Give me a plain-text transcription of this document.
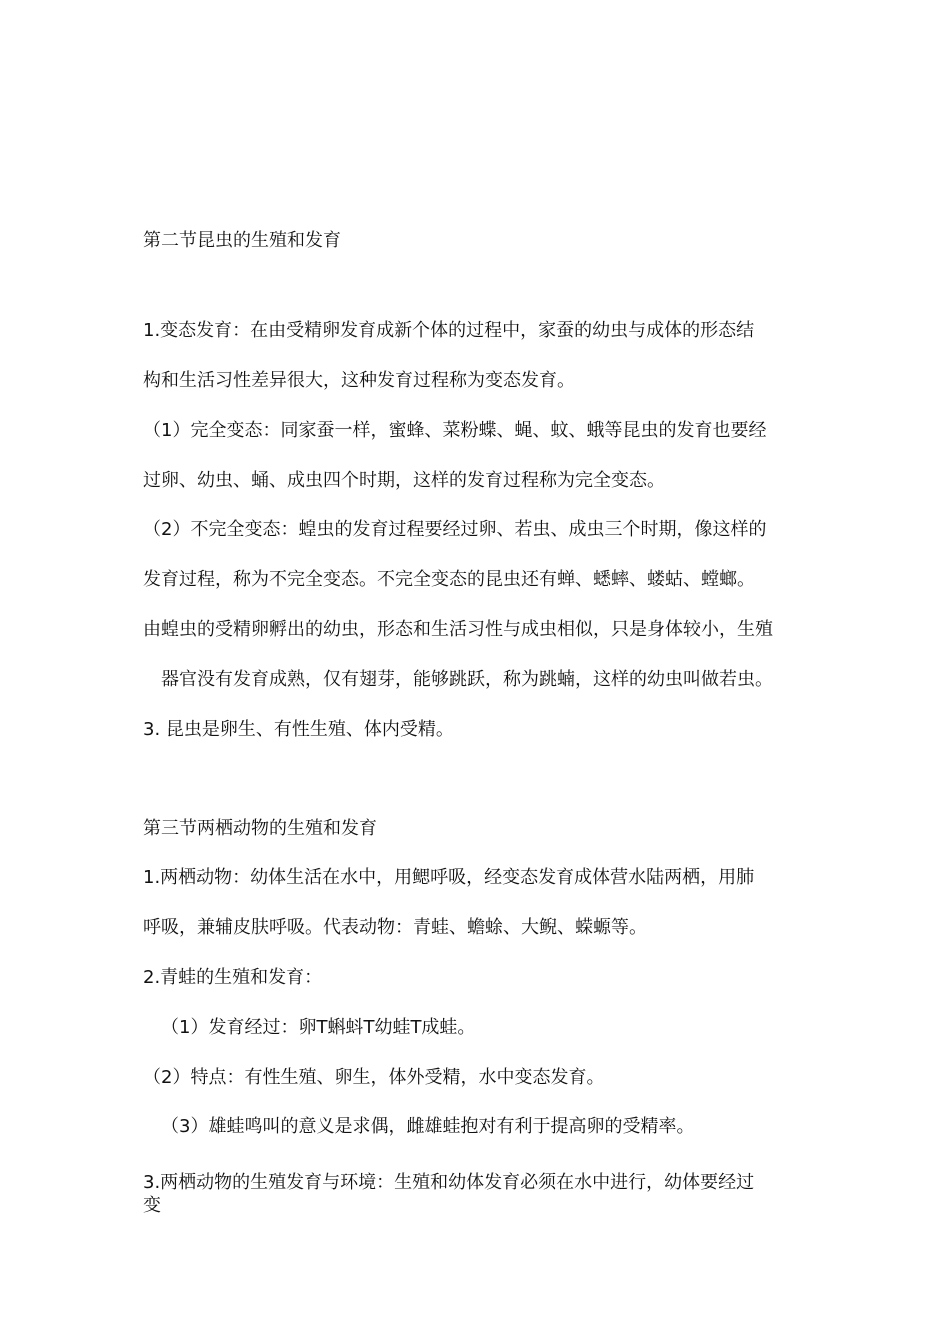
第二节昆虫的生殖和发育

1.变态发育：在由受精卵发育成新个体的过程中，家蚕的幼虫与成体的形态结

构和生活习性差异很大，这种发育过程称为变态发育。

（1）完全变态：同家蚕一样，蜜蜂、菜粉蝶、蝇、蚊、蛾等昆虫的发育也要经

过卵、幼虫、蛹、成虫四个时期，这样的发育过程称为完全变态。

（2）不完全变态：蝗虫的发育过程要经过卵、若虫、成虫三个时期，像这样的

发育过程，称为不完全变态。不完全变态的昆虫还有蝉、蟋蟀、蝼蛄、螳螂。

由蝗虫的受精卵孵出的幼虫，形态和生活习性与成虫相似，只是身体较小，生殖

器官没有发育成熟，仅有翅芽，能够跳跃，称为跳蝻，这样的幼虫叫做若虫。

3. 昆虫是卵生、有性生殖、体内受精。

第三节两栖动物的生殖和发育

1.两栖动物：幼体生活在水中，用鳃呼吸，经变态发育成体营水陆两栖，用肺

呼吸，兼辅皮肤呼吸。代表动物：青蛙、蟾蜍、大鲵、蝾螈等。

2.青蛙的生殖和发育：

（1）发育经过：卵T蝌蚪T幼蛙T成蛙。

（2）特点：有性生殖、卵生，体外受精，水中变态发育。

（3）雄蛙鸣叫的意义是求偶，雌雄蛙抱对有利于提高卵的受精率。

3.两栖动物的生殖发育与环境：生殖和幼体发育必须在水中进行，幼体要经过

变
